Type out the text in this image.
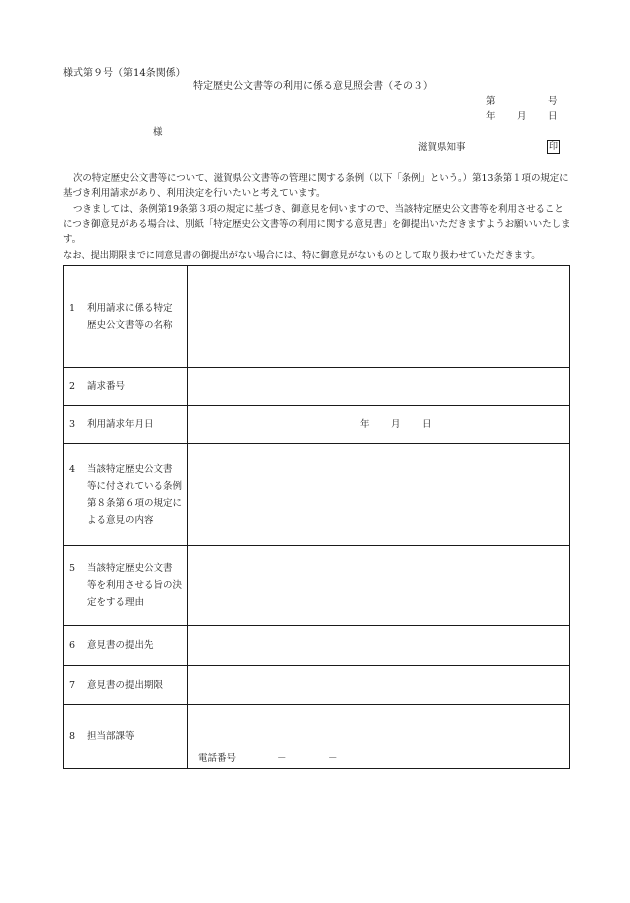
様式第９号（第14条関係）
特定歴史公文書等の利用に係る意見照会書（その３）
第	号
年 月 日
様
滋賀県知事	印
次の特定歴史公文書等について、滋賀県公文書等の管理に関する条例（以下「条例」という。）第13条第１項の規定に基づき利用請求があり、利用決定を行いたいと考えています。
つきましては、条例第19条第３項の規定に基づき、御意見を伺いますので、当該特定歴史公文書等を利用させることにつき御意見がある場合は、別紙「特定歴史公文書等の利用に関する意見書」を御提出いただきますようお願いいたします。
なお、提出期限までに同意見書の御提出がない場合には、特に御意見がないものとして取り扱わせていただきます。
1 利用請求に係る特定
歴史公文書等の名称	
2 請求番号	
3 利用請求年月日	年 月 日

4 当該特定歴史公文書
等に付されている条例
第８条第６項の規定に
よる意見の内容	
5 当該特定歴史公文書
等を利用させる旨の決
定をする理由	
6 意見書の提出先	
7 意見書の提出期限	
8 担当部課等	電話番号 － －
